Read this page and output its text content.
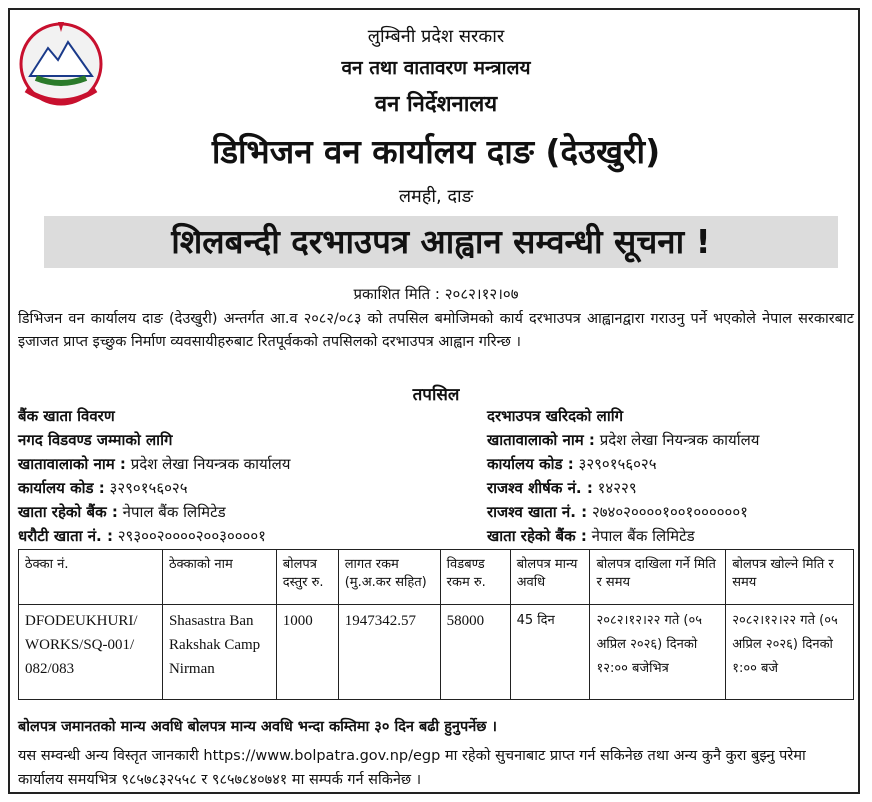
लुम्बिनी प्रदेश सरकार
वन तथा वातावरण मन्त्रालय
वन निर्देशनालय
डिभिजन वन कार्यालय दाङ (देउखुरी)
लमही, दाङ
शिलबन्दी दरभाउपत्र आह्वान सम्वन्धी सूचना !
प्रकाशित मिति : २०८२।१२।०७
डिभिजन वन कार्यालय दाङ (देउखुरी) अन्तर्गत आ.व २०८२/०८३ को तपसिल बमोजिमको कार्य दरभाउपत्र आह्वानद्वारा गराउनु पर्ने भएकोले नेपाल सरकारबाट इजाजत प्राप्त इच्छुक निर्माण व्यवसायीहरुबाट रितपूर्वकको तपसिलको दरभाउपत्र आह्वान गरिन्छ ।
तपसिल
बैंक खाता विवरण
नगद विडवण्ड जम्माको लागि
खातावालाको नाम : प्रदेश लेखा नियन्त्रक कार्यालय
कार्यालय कोड : ३२९०१५६०२५
खाता रहेको बैंक : नेपाल बैंक लिमिटेड
धरौटी खाता नं. : २९३००२००००२००३००००१
दरभाउपत्र खरिदको लागि
खातावालाको नाम : प्रदेश लेखा नियन्त्रक कार्यालय
कार्यालय कोड : ३२९०१५६०२५
राजश्व शीर्षक नं. : १४२२९
राजश्व खाता नं. : २७४०२००००१००१००००००१
खाता रहेको बैंक : नेपाल बैंक लिमिटेड
ठेक्का नं.	ठेक्काको नाम	बोलपत्र दस्तुर रु.	लागत रकम (मु.अ.कर सहित)	विडबण्ड रकम रु.	बोलपत्र मान्य अवधि	बोलपत्र दाखिला गर्ने मिति र समय	बोलपत्र खोल्ने मिति र समय
DFODEUKHURI/ WORKS/SQ-001/ 082/083	Shasastra Ban Rakshak Camp Nirman	1000	1947342.57	58000	45 दिन	२०८२।१२।२२ गते (०५ अप्रिल २०२६) दिनको १२:०० बजेभित्र	२०८२।१२।२२ गते (०५ अप्रिल २०२६) दिनको १:०० बजे
बोलपत्र जमानतको मान्य अवधि बोलपत्र मान्य अवधि भन्दा कम्तिमा ३० दिन बढी हुनुपर्नेछ ।
यस सम्वन्धी अन्य विस्तृत जानकारी https://www.bolpatra.gov.np/egp मा रहेको सुचनाबाट प्राप्त गर्न सकिनेछ तथा अन्य कुनै कुरा बुझ्नु परेमा कार्यालय समयभित्र ९८५७८३२५५८ र ९८५७८४०७४१ मा सम्पर्क गर्न सकिनेछ ।
